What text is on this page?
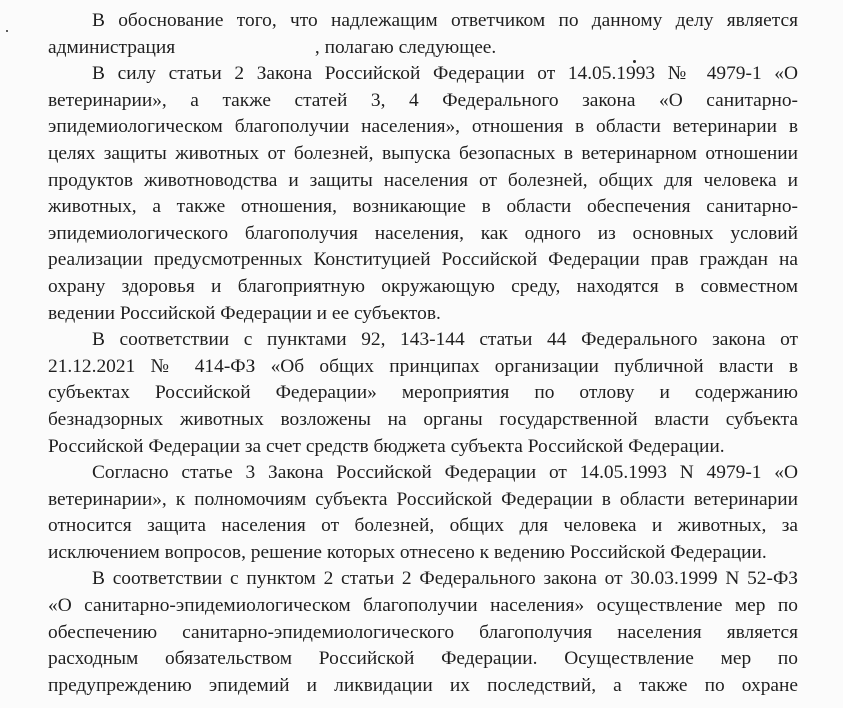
В обоснование того, что надлежащим ответчиком по данному делу является
администрация	, полагаю следующее.
В силу статьи 2 Закона Российской Федерации от 14.05.1993 № 4979-1 «О
ветеринарии», а также статей 3, 4 Федерального закона «О санитарно-
эпидемиологическом благополучии населения», отношения в области ветеринарии в
целях защиты животных от болезней, выпуска безопасных в ветеринарном отношении
продуктов животноводства и защиты населения от болезней, общих для человека и
животных, а также отношения, возникающие в области обеспечения санитарно-
эпидемиологического благополучия населения, как одного из основных условий
реализации предусмотренных Конституцией Российской Федерации прав граждан на
охрану здоровья и благоприятную окружающую среду, находятся в совместном
ведении Российской Федерации и ее субъектов.
В соответствии с пунктами 92, 143-144 статьи 44 Федерального закона от
21.12.2021 № 414-ФЗ «Об общих принципах организации публичной власти в
субъектах Российской Федерации» мероприятия по отлову и содержанию
безнадзорных животных возложены на органы государственной власти субъекта
Российской Федерации за счет средств бюджета субъекта Российской Федерации.
Согласно статье 3 Закона Российской Федерации от 14.05.1993 N 4979-1 «О
ветеринарии», к полномочиям субъекта Российской Федерации в области ветеринарии
относится защита населения от болезней, общих для человека и животных, за
исключением вопросов, решение которых отнесено к ведению Российской Федерации.
В соответствии с пунктом 2 статьи 2 Федерального закона от 30.03.1999 N 52-ФЗ
«О санитарно-эпидемиологическом благополучии населения» осуществление мер по
обеспечению санитарно-эпидемиологического благополучия населения является
расходным обязательством Российской Федерации. Осуществление мер по
предупреждению эпидемий и ликвидации их последствий, а также по охране
